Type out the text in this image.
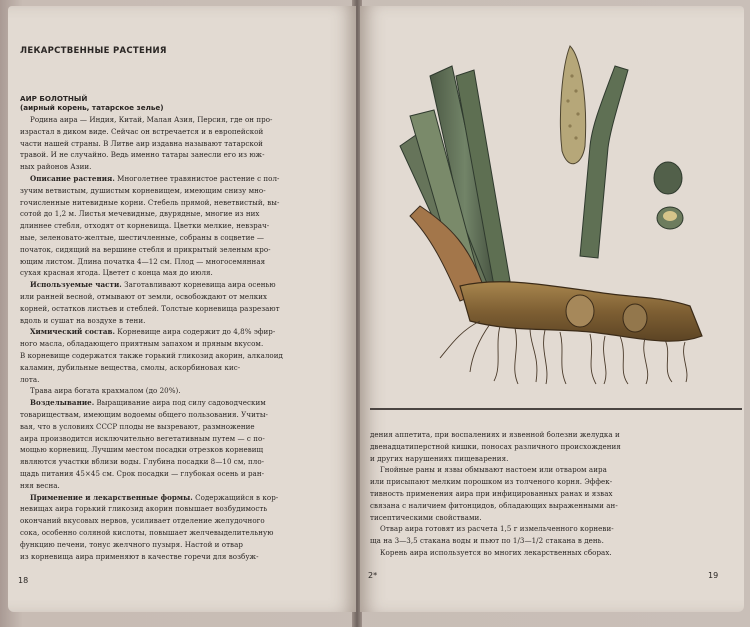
ЛЕКАРСТВЕННЫЕ РАСТЕНИЯ
АИР БОЛОТНЫЙ
(аирный корень, татарское зелье)
Родина аира — Индия, Китай, Малая Азия, Персия, где он про-
израстал в диком виде. Сейчас он встречается и в европейской
части нашей страны. В Литве аир издавна называют татарской
травой. И не случайно. Ведь именно татары занесли его из юж-
ных районов Азии.
Описание растения. Многолетнее травянистое растение с пол-
зучим ветвистым, душистым корневищем, имеющим снизу мно-
гочисленные нитевидные корни. Стебель прямой, неветвистый, вы-
сотой до 1,2 м. Листья мечевидные, двурядные, многие из них
длиннее стебля, отходят от корневища. Цветки мелкие, невзрач-
ные, зеленовато-желтые, шестичленные, собраны в соцветие —
початок, сидящий на вершине стебля и прикрытый зеленым кро-
ющим листом. Длина початка 4—12 см. Плод — многосемянная
сухая красная ягода. Цветет с конца мая до июля.
Используемые части. Заготавливают корневища аира осенью
или ранней весной, отмывают от земли, освобождают от мелких
корней, остатков листьев и стеблей. Толстые корневища разрезают
вдоль и сушат на воздухе в тени.
Химический состав. Корневище аира содержит до 4,8% эфир-
ного масла, обладающего приятным запахом и пряным вкусом.
В корневище содержатся также горький гликозид акорин, алкалоид
каламин, дубильные вещества, смолы, аскорбиновая кис-
лота.
Трава аира богата крахмалом (до 20%).
Возделывание. Выращивание аира под силу садоводческим
товариществам, имеющим водоемы общего пользования. Учиты-
вая, что в условиях СССР плоды не вызревают, размножение
аира производится исключительно вегетативным путем — с по-
мощью корневищ. Лучшим местом посадки отрезков корневищ
являются участки вблизи воды. Глубина посадки 8—10 см, пло-
щадь питания 45×45 см. Срок посадки — глубокая осень и ран-
няя весна.
Применение и лекарственные формы. Содержащийся в кор-
невищах аира горький гликозид акорин повышает возбудимость
окончаний вкусовых нервов, усиливает отделение желудочного
сока, особенно соляной кислоты, повышает желчевыделительную
функцию печени, тонус желчного пузыря. Настой и отвар
из корневища аира применяют в качестве горечи для возбуж-
18
дения аппетита, при воспалениях и язвенной болезни желудка и
двенадцатиперстной кишки, поносах различного происхождения
и других нарушениях пищеварения.
Гнойные раны и язвы обмывают настоем или отваром аира
или присыпают мелким порошком из толченого корня. Эффек-
тивность применения аира при инфицированных ранах и язвах
связана с наличием фитонцидов, обладающих выраженными ан-
тисептическими свойствами.
Отвар аира готовят из расчета 1,5 г измельченного корневи-
ща на 3—3,5 стакана воды и пьют по 1/3—1/2 стакана в день.
Корень аира используется во многих лекарственных сборах.
2*	19
